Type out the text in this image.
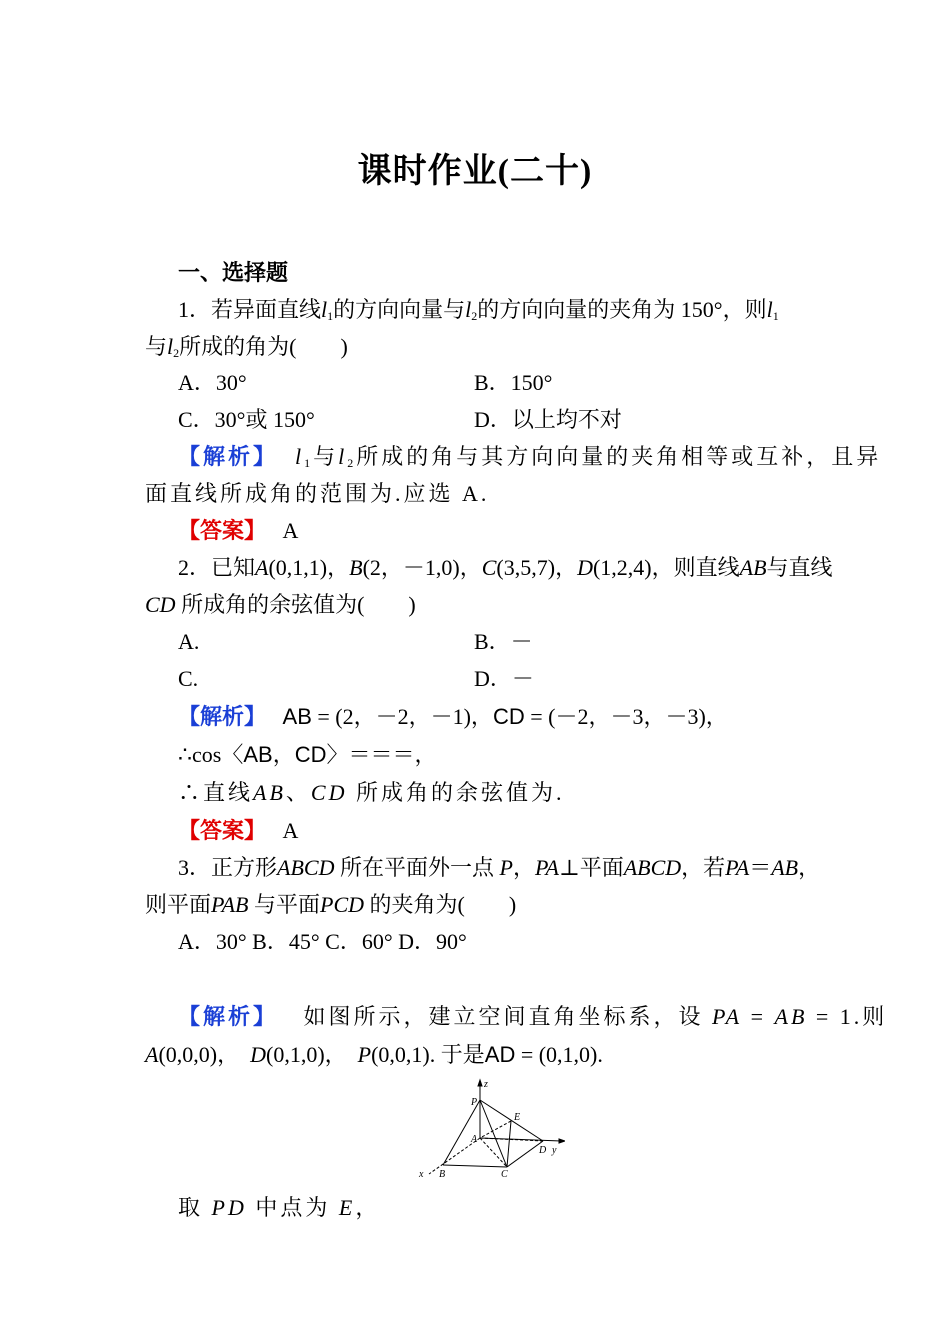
课时作业(二十)
一、选择题
1．若异面直线$l_1$的方向向量与$l_2$的方向向量的夹角为 150°，则$l_1$
与$l_2$所成的角为(　　)
A．30°	B．150°
C．30°或 150°	D．以上均不对
【解析】 $l_1$与$l_2$所成的角与其方向向量的夹角相等或互补，且异
面直线所成角的范围为.应选 A.
【答案】 A
2．已知A(0,1,1)，B(2，－1,0)，C(3,5,7)，D(1,2,4)，则直线AB与直线
CD 所成角的余弦值为(　　)
A.	B．－
C.	D．－
【解析】 AB = (2，－2，－1)，CD = (－2，－3，－3)，
∴cos〈AB，CD〉＝＝＝，
∴直线AB、CD 所成角的余弦值为.
【答案】 A
3．正方形ABCD 所在平面外一点 P，PA⊥平面ABCD，若PA＝AB，
则平面PAB 与平面PCD 的夹角为(　　)
A．30° B．45° C．60° D．90°
【解析】 如图所示，建立空间直角坐标系，设 PA = AB = 1.则
A(0,0,0)， D(0,1,0)， P(0,0,1). 于是AD = (0,1,0).
z
P
E
A
D y
x B	C
取 PD 中点为 E，
